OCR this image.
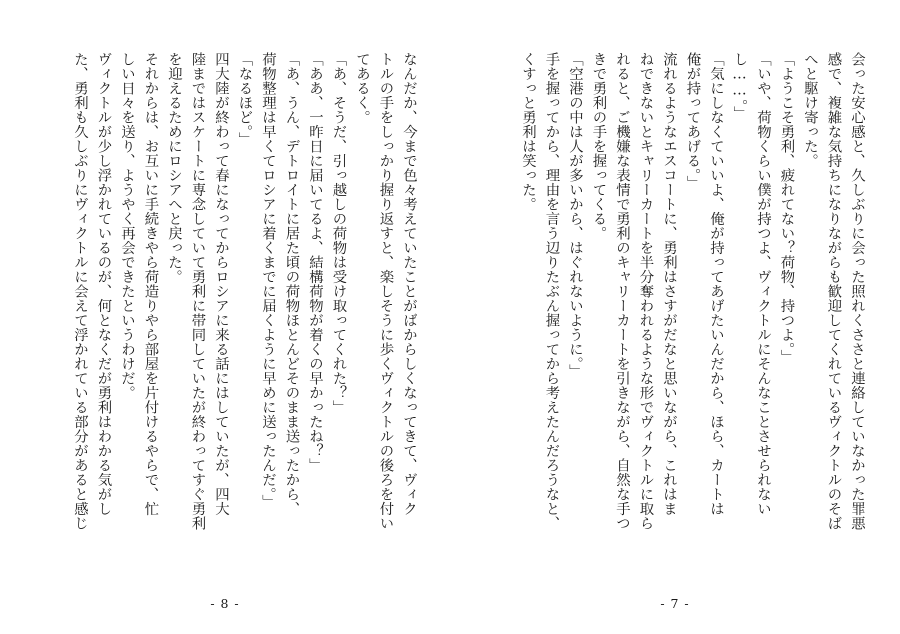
なんだか、今まで色々考えていたことがばからしくなってきて、ヴィク
トルの手をしっかり握り返すと、楽しそうに歩くヴィクトルの後ろを付い
てあるく。
「あ、そうだ、引っ越しの荷物は受け取ってくれた？」
「ああ、一昨日に届いてるよ、結構荷物が着くの早かったね？」
「あ、うん、デトロイトに居た頃の荷物ほとんどそのまま送ったから、
荷物整理は早くてロシアに着くまでに届くように早めに送ったんだ。」
「なるほど。」
四大陸が終わって春になってからロシアに来る話にはしていたが、四大
陸まではスケートに専念していて勇利に帯同していたが終わってすぐ勇利
を迎えるためにロシアへと戻った。
それからは、お互いに手続きやら荷造りやら部屋を片付けるやらで、忙
しい日々を送り、ようやく再会できたというわけだ。
ヴィクトルが少し浮かれているのが、何となくだが勇利はわかる気がし
た、勇利も久しぶりにヴィクトルに会えて浮かれている部分があると感じ
- 8 -
会った安心感と、久しぶりに会った照れくささと連絡していなかった罪悪
感で、複雑な気持ちになりながらも歓迎してくれているヴィクトルのそば
へと駆け寄った。
「ようこそ勇利、疲れてない？荷物、持つよ。」
「いや、荷物くらい僕が持つよ、ヴィクトルにそんなことさせられない
し……。」
「気にしなくていいよ、俺が持ってあげたいんだから、ほら、カートは
俺が持ってあげる。」
流れるようなエスコートに、勇利はさすがだなと思いながら、これはま
ねできないとキャリーカートを半分奪われるような形でヴィクトルに取ら
れると、ご機嫌な表情で勇利のキャリーカートを引きながら、自然な手つ
きで勇利の手を握ってくる。
「空港の中は人が多いから、はぐれないように。」
手を握ってから、理由を言う辺りたぶん握ってから考えたんだろうなと、
くすっと勇利は笑った。
- 7 -
